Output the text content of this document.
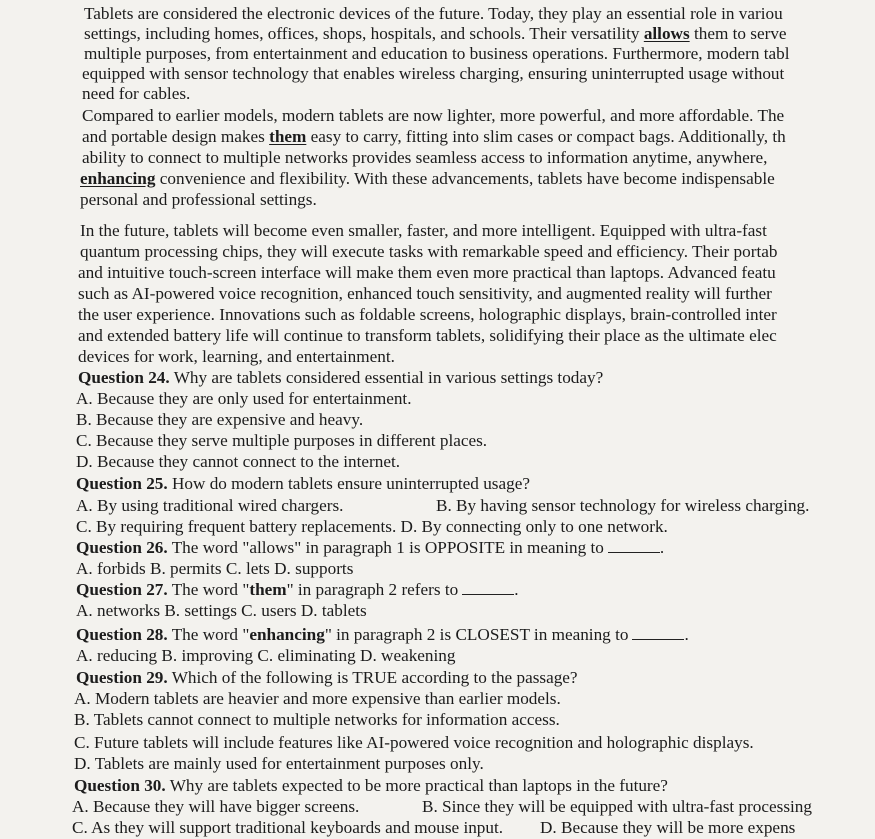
Tablets are considered the electronic devices of the future. Today, they play an essential role in variou
settings, including homes, offices, shops, hospitals, and schools. Their versatility allows them to serve
multiple purposes, from entertainment and education to business operations. Furthermore, modern tabl
equipped with sensor technology that enables wireless charging, ensuring uninterrupted usage without
need for cables.
Compared to earlier models, modern tablets are now lighter, more powerful, and more affordable. The
and portable design makes them easy to carry, fitting into slim cases or compact bags. Additionally, th
ability to connect to multiple networks provides seamless access to information anytime, anywhere,
enhancing convenience and flexibility. With these advancements, tablets have become indispensable
personal and professional settings.
In the future, tablets will become even smaller, faster, and more intelligent. Equipped with ultra-fast
quantum processing chips, they will execute tasks with remarkable speed and efficiency. Their portab
and intuitive touch-screen interface will make them even more practical than laptops. Advanced featu
such as AI-powered voice recognition, enhanced touch sensitivity, and augmented reality will further
the user experience. Innovations such as foldable screens, holographic displays, brain-controlled inter
and extended battery life will continue to transform tablets, solidifying their place as the ultimate elec
devices for work, learning, and entertainment.
Question 24. Why are tablets considered essential in various settings today?
A. Because they are only used for entertainment.
B. Because they are expensive and heavy.
C. Because they serve multiple purposes in different places.
D. Because they cannot connect to the internet.
Question 25. How do modern tablets ensure uninterrupted usage?
A. By using traditional wired chargers.	B. By having sensor technology for wireless charging.
C. By requiring frequent battery replacements. D. By connecting only to one network.
Question 26. The word "allows" in paragraph 1 is OPPOSITE in meaning to	.
A. forbids B. permits C. lets D. supports
Question 27. The word "them" in paragraph 2 refers to	.
A. networks B. settings C. users D. tablets
Question 28. The word "enhancing" in paragraph 2 is CLOSEST in meaning to	.
A. reducing B. improving C. eliminating D. weakening
Question 29. Which of the following is TRUE according to the passage?
A. Modern tablets are heavier and more expensive than earlier models.
B. Tablets cannot connect to multiple networks for information access.
C. Future tablets will include features like AI-powered voice recognition and holographic displays.
D. Tablets are mainly used for entertainment purposes only.
Question 30. Why are tablets expected to be more practical than laptops in the future?
A. Because they will have bigger screens.	B. Since they will be equipped with ultra-fast processing
C. As they will support traditional keyboards and mouse input. D. Because they will be more expens
